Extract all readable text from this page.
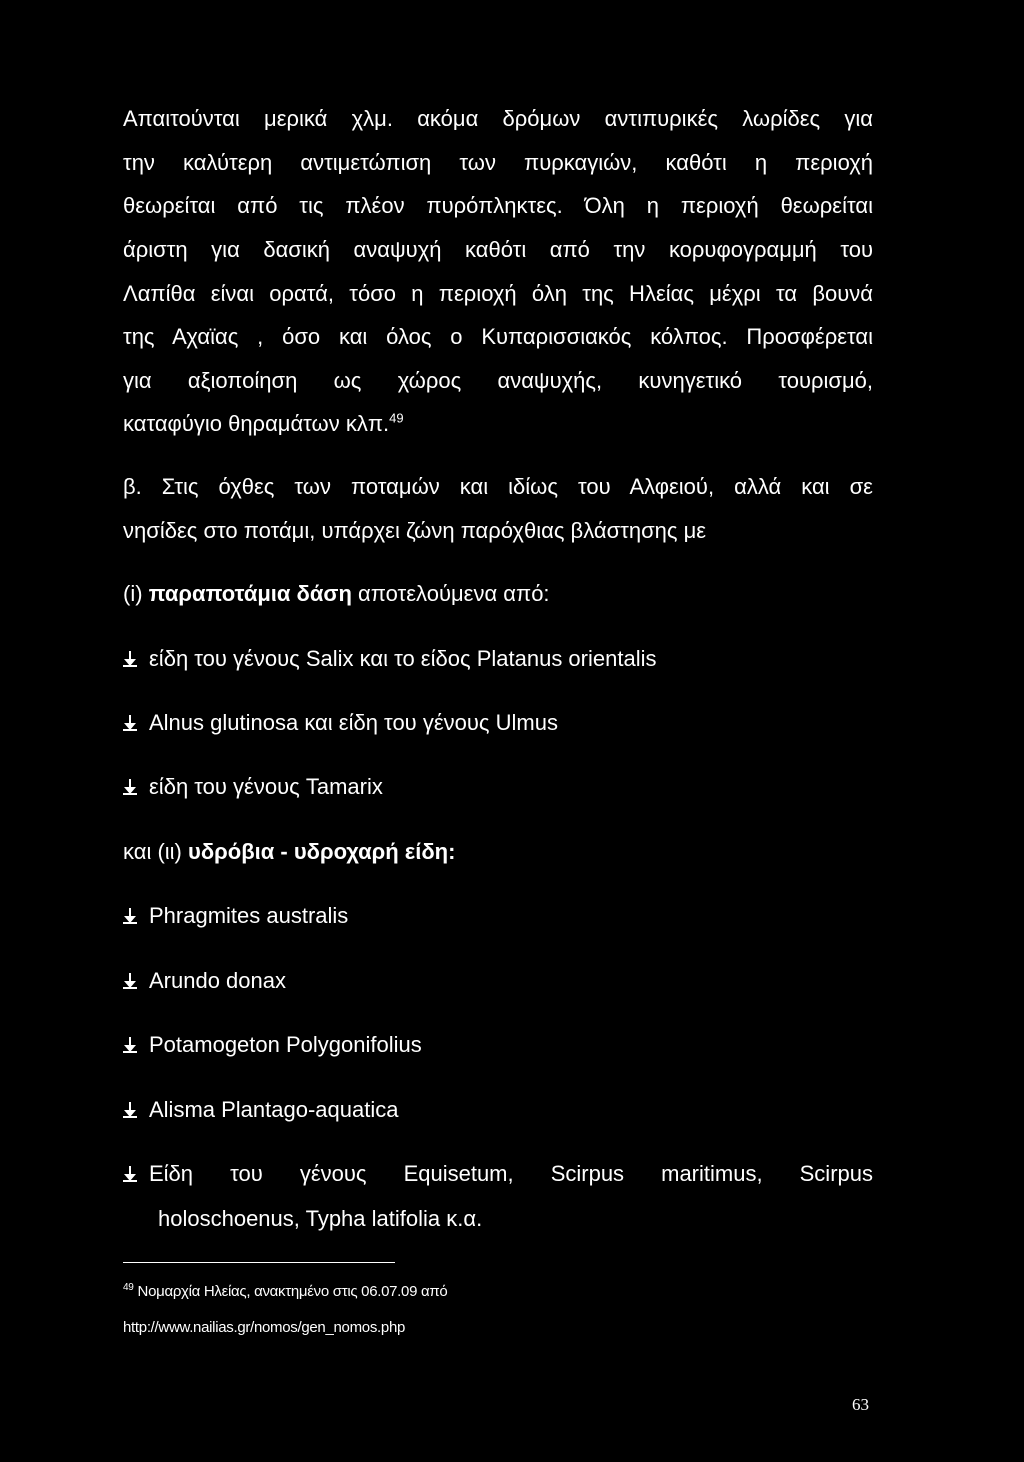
Απαιτούνται μερικά χλμ. ακόμα δρόμων αντιπυρικές λωρίδες για
την καλύτερη αντιμετώπιση των πυρκαγιών, καθότι η περιοχή
θεωρείται από τις πλέον πυρόπληκτες. Όλη η περιοχή θεωρείται
άριστη για δασική αναψυχή καθότι από την κορυφογραμμή του
Λαπίθα είναι ορατά, τόσο η περιοχή όλη της Ηλείας μέχρι τα βουνά
της Αχαϊας , όσο και όλος ο Κυπαρισσιακός κόλπος. Προσφέρεται
για αξιοποίηση ως χώρος αναψυχής, κυνηγετικό τουρισμό,
καταφύγιο θηραμάτων κλπ.$^{49}$
β. Στις όχθες των ποταμών και ιδίως του Αλφειού, αλλά και σε
νησίδες στο ποτάμι, υπάρχει ζώνη παρόχθιας βλάστησης με
(i) παραποτάμια δάση αποτελούμενα από:
είδη του γένους Salix και το είδος Platanus orientalis
Alnus glutinosa και είδη του γένους Ulmus
είδη του γένους Tamarix
και (ιι) υδρόβια - υδροχαρή είδη:
Phragmites australis
Arundo donax
Potamogeton Polygonifolius
Alisma Plantago-aquatica
Είδη του γένους Equisetum, Scirpus maritimus, Scirpus
holoschoenus, Typha latifolia κ.α.
$^{49}$ Νομαρχία Ηλείας, ανακτημένο στις 06.07.09 από
http://www.nailias.gr/nomos/gen_nomos.php
63
